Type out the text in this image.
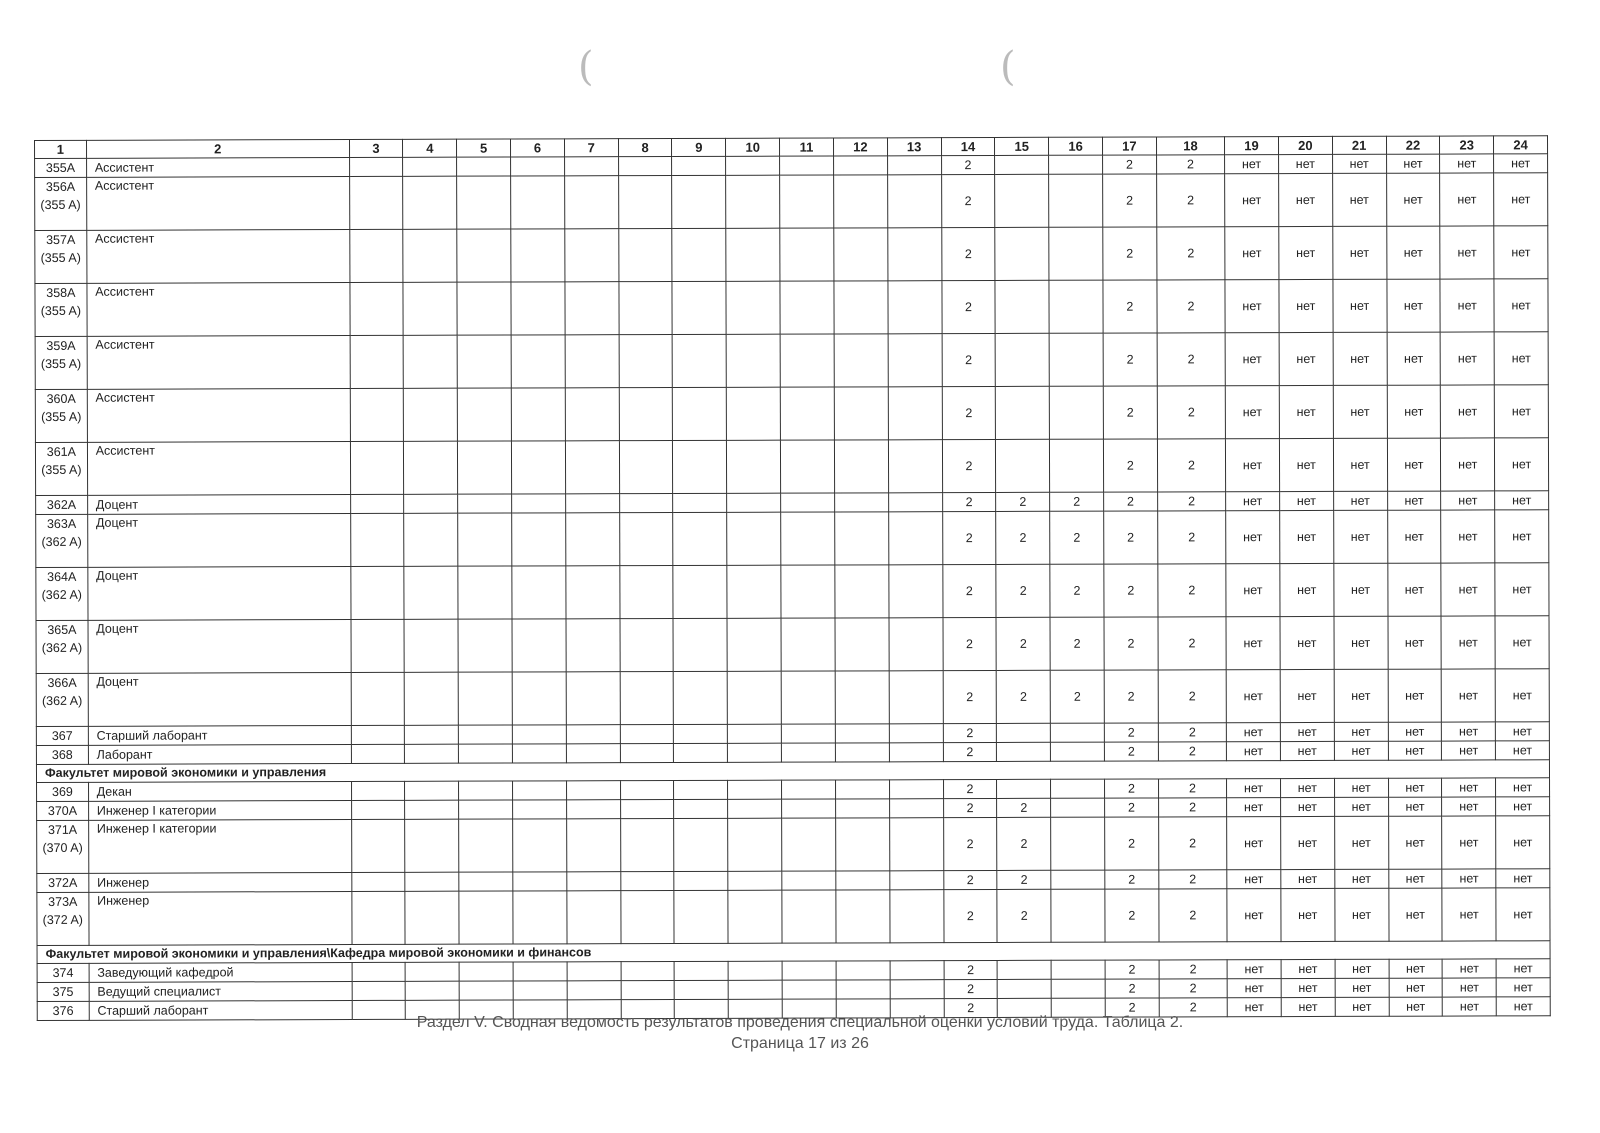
(	(
1	2	3	4	5	6	7	8	9	10	11	12	13	14	15	16	17	18	19	20	21	22	23	24
355A	Ассистент												2			2	2	нет	нет	нет	нет	нет	нет
356A (355 A)	Ассистент												2			2	2	нет	нет	нет	нет	нет	нет
357A (355 A)	Ассистент												2			2	2	нет	нет	нет	нет	нет	нет
358A (355 A)	Ассистент												2			2	2	нет	нет	нет	нет	нет	нет
359A (355 A)	Ассистент												2			2	2	нет	нет	нет	нет	нет	нет
360A (355 A)	Ассистент												2			2	2	нет	нет	нет	нет	нет	нет
361A (355 A)	Ассистент												2			2	2	нет	нет	нет	нет	нет	нет
362A	Доцент												2	2	2	2	2	нет	нет	нет	нет	нет	нет
363A (362 A)	Доцент												2	2	2	2	2	нет	нет	нет	нет	нет	нет
364A (362 A)	Доцент												2	2	2	2	2	нет	нет	нет	нет	нет	нет
365A (362 A)	Доцент												2	2	2	2	2	нет	нет	нет	нет	нет	нет
366A (362 A)	Доцент												2	2	2	2	2	нет	нет	нет	нет	нет	нет
367	Старший лаборант												2			2	2	нет	нет	нет	нет	нет	нет
368	Лаборант												2			2	2	нет	нет	нет	нет	нет	нет
Факультет мировой экономики и управления																							
369	Декан												2			2	2	нет	нет	нет	нет	нет	нет
370A	Инженер I категории												2	2		2	2	нет	нет	нет	нет	нет	нет
371A (370 A)	Инженер I категории												2	2		2	2	нет	нет	нет	нет	нет	нет
372A	Инженер												2	2		2	2	нет	нет	нет	нет	нет	нет
373A (372 A)	Инженер												2	2		2	2	нет	нет	нет	нет	нет	нет
Факультет мировой экономики и управления\Кафедра мировой экономики и финансов																							
374	Заведующий кафедрой												2			2	2	нет	нет	нет	нет	нет	нет
375	Ведущий специалист												2			2	2	нет	нет	нет	нет	нет	нет
376	Старший лаборант												2			2	2	нет	нет	нет	нет	нет	нет
Раздел V. Сводная ведомость результатов проведения специальной оценки условий труда. Таблица 2.
Страница 17 из 26
